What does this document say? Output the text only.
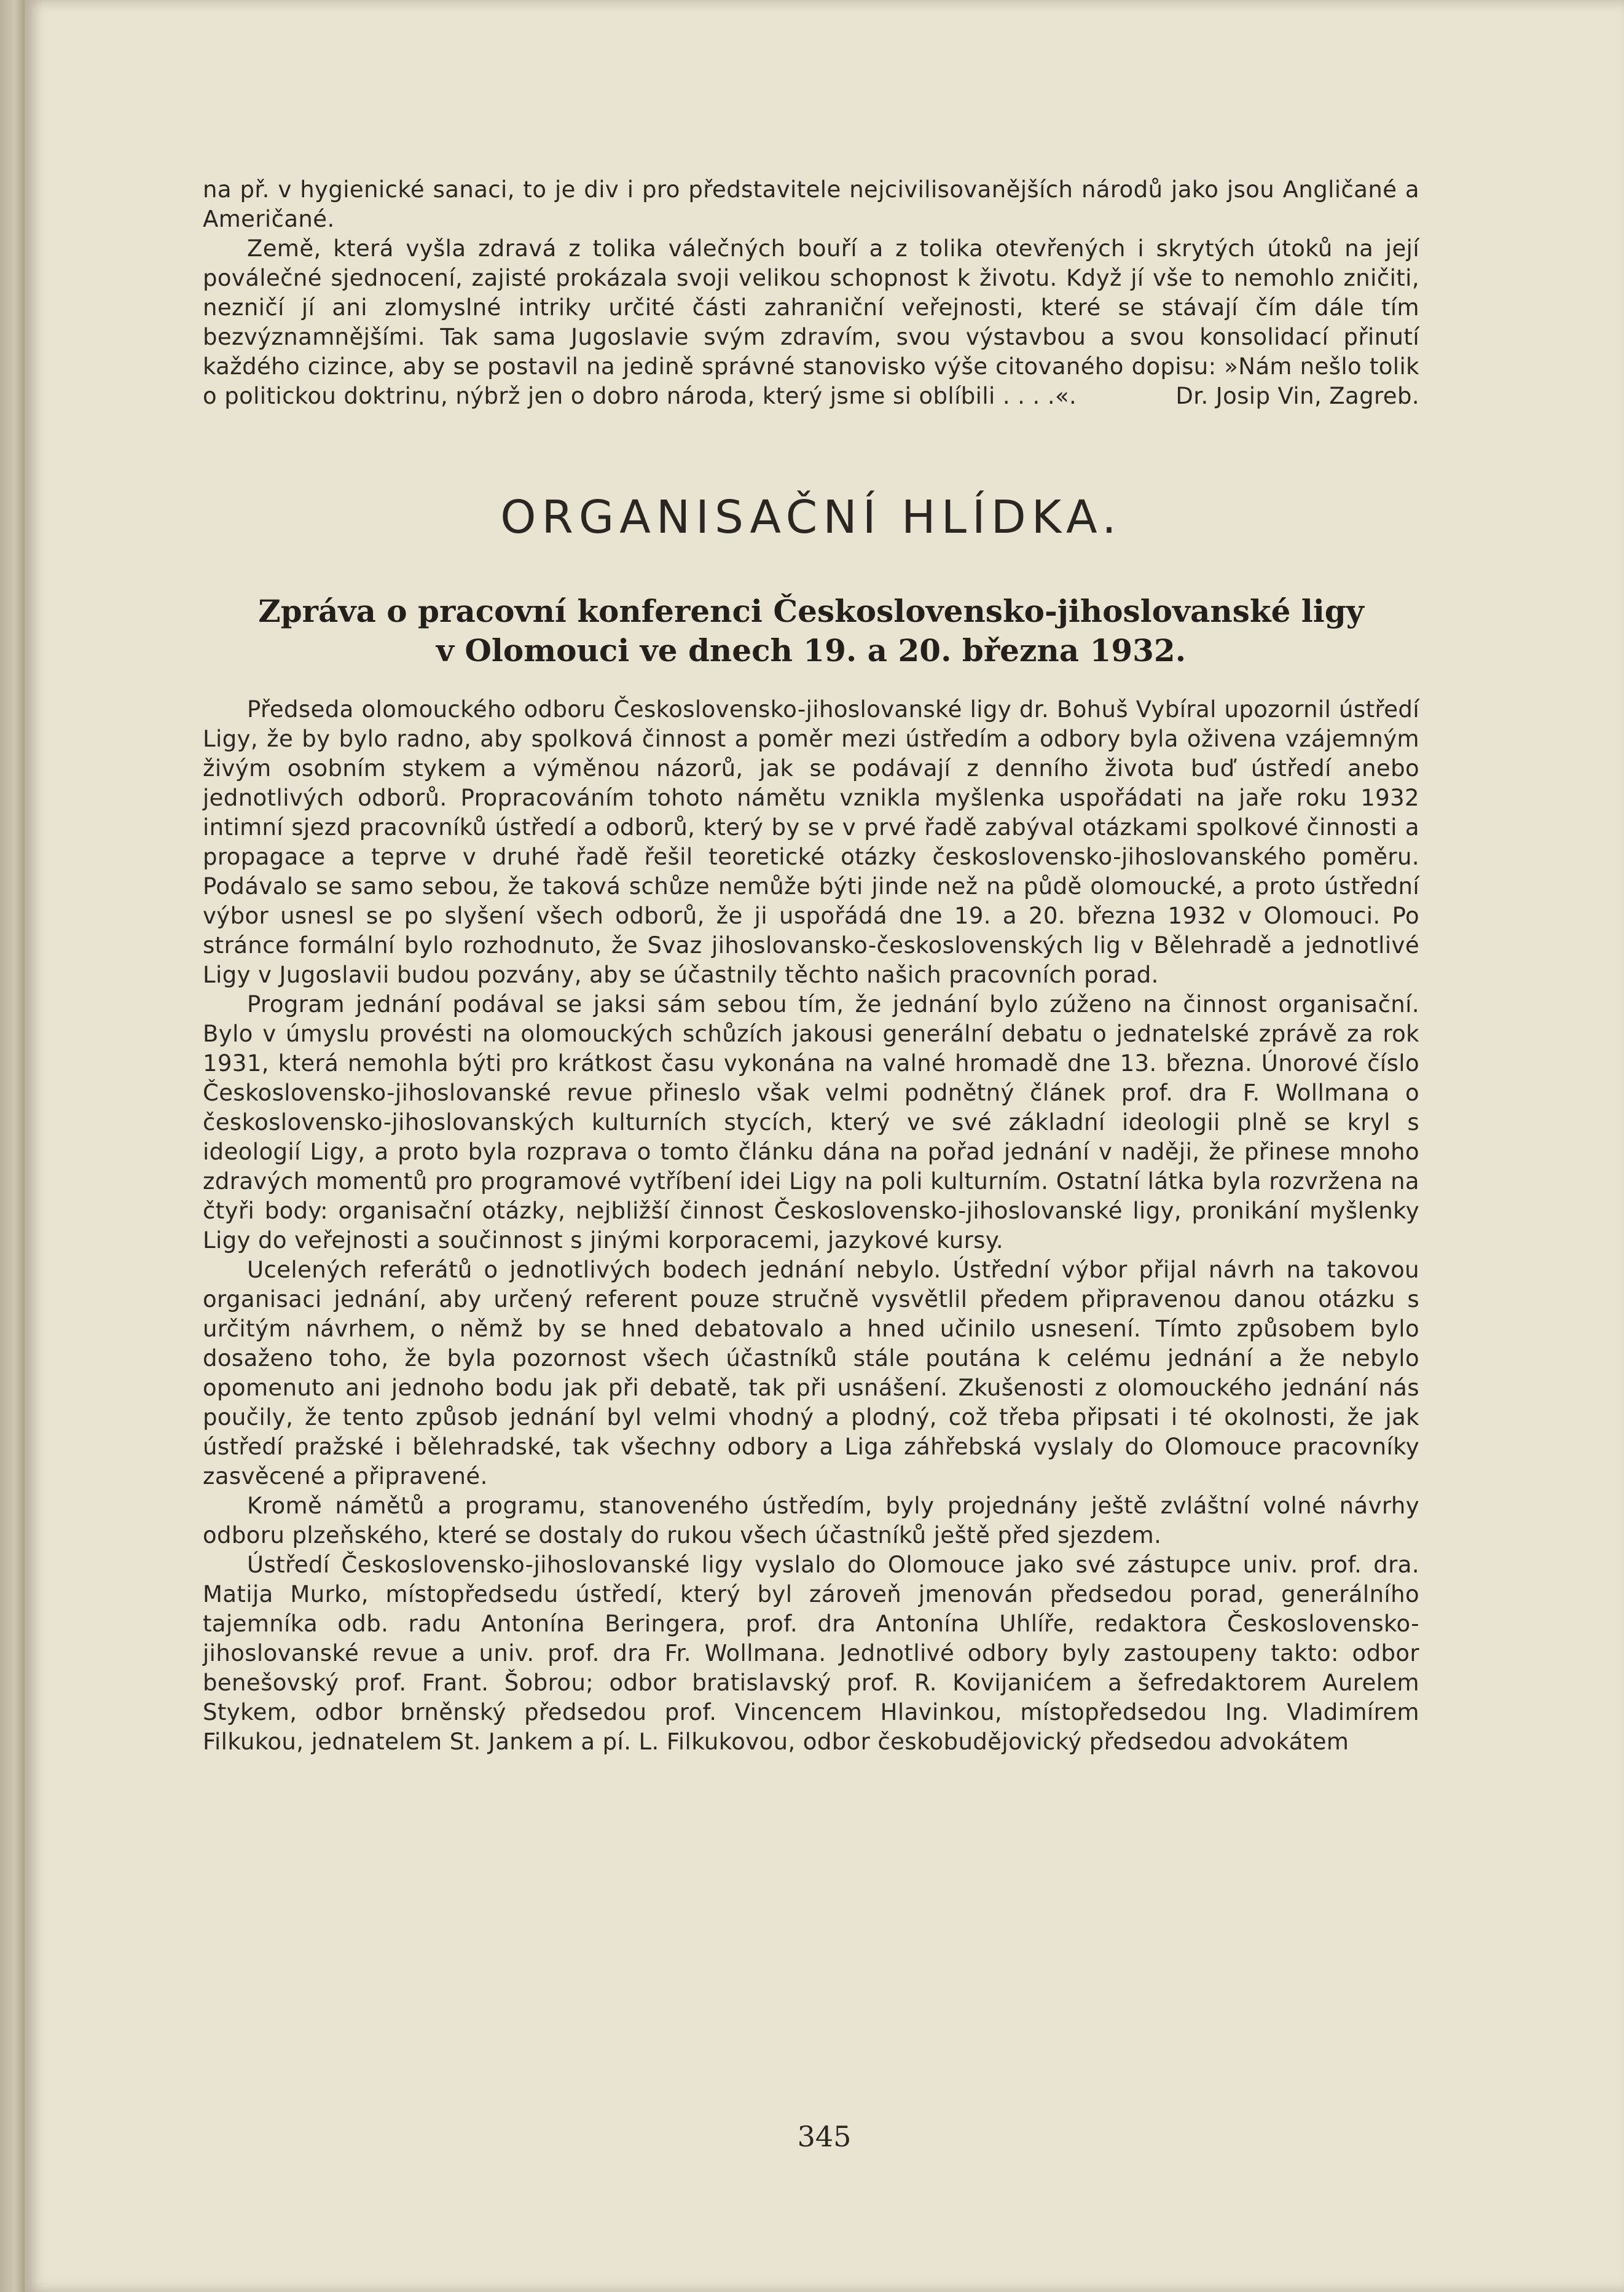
na př. v hygienické sanaci, to je div i pro představitele nejcivilisovanějších národů jako jsou Angličané a Američané.

Země, která vyšla zdravá z tolika válečných bouří a z tolika otevřených i skrytých útoků na její poválečné sjednocení, zajisté prokázala svoji velikou schopnost k životu. Když jí vše to nemohlo zničiti, nezničí jí ani zlomyslné intriky určité části zahraniční veřejnosti, které se stávají čím dále tím bezvýznamnějšími. Tak sama Jugoslavie svým zdravím, svou výstavbou a svou konsolidací přinutí každého cizince, aby se postavil na jedině správné stanovisko výše citovaného dopisu: »Nám nešlo tolik o politickou doktrinu, nýbrž jen o dobro národa, který jsme si oblíbili . . . .«.	Dr. Josip Vin, Zagreb.

ORGANISAČNÍ HLÍDKA.
Zpráva o pracovní konferenci Československo-jihoslovanské ligy
v Olomouci ve dnech 19. a 20. března 1932.

Předseda olomouckého odboru Československo-jihoslovanské ligy dr. Bohuš Vybíral upozornil ústředí Ligy, že by bylo radno, aby spolková činnost a poměr mezi ústředím a odbory byla oživena vzájemným živým osobním stykem a výměnou názorů, jak se podávají z denního života buď ústředí anebo jednotlivých odborů. Propracováním tohoto námětu vznikla myšlenka uspořádati na jaře roku 1932 intimní sjezd pracovníků ústředí a odborů, který by se v prvé řadě zabýval otázkami spolkové činnosti a propagace a teprve v druhé řadě řešil teoretické otázky československo-jihoslovanského poměru. Podávalo se samo sebou, že taková schůze nemůže býti jinde než na půdě olomoucké, a proto ústřední výbor usnesl se po slyšení všech odborů, že ji uspořádá dne 19. a 20. března 1932 v Olomouci. Po stránce formální bylo rozhodnuto, že Svaz jihoslovansko-československých lig v Bělehradě a jednotlivé Ligy v Jugoslavii budou pozvány, aby se účastnily těchto našich pracovních porad.

Program jednání podával se jaksi sám sebou tím, že jednání bylo zúženo na činnost organisační. Bylo v úmyslu provésti na olomouckých schůzích jakousi generální debatu o jednatelské zprávě za rok 1931, která nemohla býti pro krátkost času vykonána na valné hromadě dne 13. března. Únorové číslo Československo-jihoslovanské revue přineslo však velmi podnětný článek prof. dra F. Wollmana o československo-jihoslovanských kulturních stycích, který ve své základní ideologii plně se kryl s ideologií Ligy, a proto byla rozprava o tomto článku dána na pořad jednání v naději, že přinese mnoho zdravých momentů pro programové vytříbení idei Ligy na poli kulturním. Ostatní látka byla rozvržena na čtyři body: organisační otázky, nejbližší činnost Československo-jihoslovanské ligy, pronikání myšlenky Ligy do veřejnosti a součinnost s jinými korporacemi, jazykové kursy.

Ucelených referátů o jednotlivých bodech jednání nebylo. Ústřední výbor přijal návrh na takovou organisaci jednání, aby určený referent pouze stručně vysvětlil předem připravenou danou otázku s určitým návrhem, o němž by se hned debatovalo a hned učinilo usnesení. Tímto způsobem bylo dosaženo toho, že byla pozornost všech účastníků stále poutána k celému jednání a že nebylo opomenuto ani jednoho bodu jak při debatě, tak při usnášení. Zkušenosti z olomouckého jednání nás poučily, že tento způsob jednání byl velmi vhodný a plodný, což třeba připsati i té okolnosti, že jak ústředí pražské i bělehradské, tak všechny odbory a Liga záhřebská vyslaly do Olomouce pracovníky zasvěcené a připravené.

Kromě námětů a programu, stanoveného ústředím, byly projednány ještě zvláštní volné návrhy odboru plzeňského, které se dostaly do rukou všech účastníků ještě před sjezdem.

Ústředí Československo-jihoslovanské ligy vyslalo do Olomouce jako své zástupce univ. prof. dra. Matija Murko, místopředsedu ústředí, který byl zároveň jmenován předsedou porad, generálního tajemníka odb. radu Antonína Beringera, prof. dra Antonína Uhlíře, redaktora Československo-jihoslovanské revue a univ. prof. dra Fr. Wollmana. Jednotlivé odbory byly zastoupeny takto: odbor benešovský prof. Frant. Šobrou; odbor bratislavský prof. R. Kovijanićem a šefredaktorem Aurelem Stykem, odbor brněnský předsedou prof. Vincencem Hlavinkou, místopředsedou Ing. Vladimírem Filkukou, jednatelem St. Jankem a pí. L. Filkukovou, odbor českobudějovický předsedou advokátem

345
